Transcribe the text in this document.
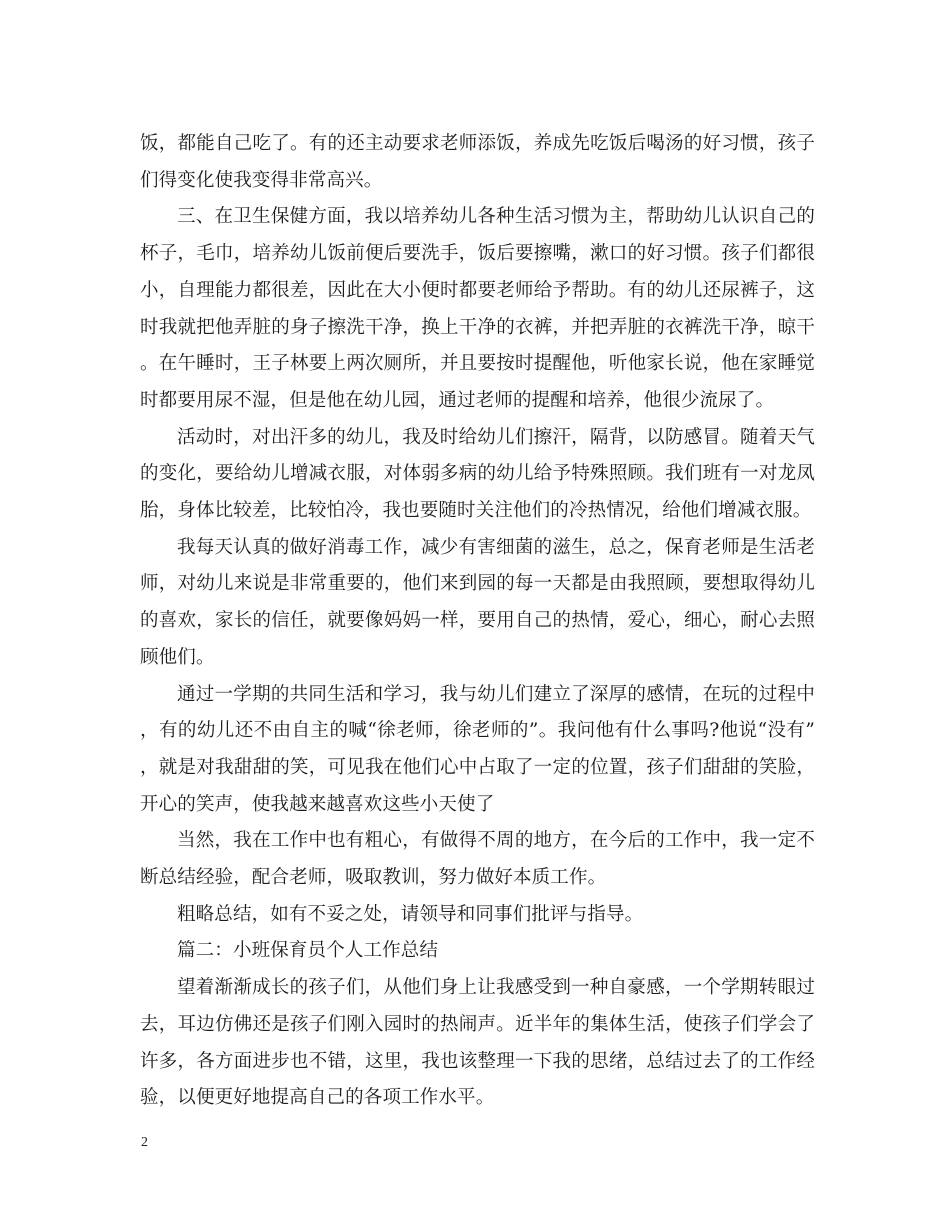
饭，都能自己吃了。有的还主动要求老师添饭，养成先吃饭后喝汤的好习惯，孩子们得变化使我变得非常高兴。

三、在卫生保健方面，我以培养幼儿各种生活习惯为主，帮助幼儿认识自己的杯子，毛巾，培养幼儿饭前便后要洗手，饭后要擦嘴，漱口的好习惯。孩子们都很小，自理能力都很差，因此在大小便时都要老师给予帮助。有的幼儿还尿裤子，这时我就把他弄脏的身子擦洗干净，换上干净的衣裤，并把弄脏的衣裤洗干净，晾干。在午睡时，王子林要上两次厕所，并且要按时提醒他，听他家长说，他在家睡觉时都要用尿不湿，但是他在幼儿园，通过老师的提醒和培养，他很少流尿了。

活动时，对出汗多的幼儿，我及时给幼儿们擦汗，隔背，以防感冒。随着天气的变化，要给幼儿增减衣服，对体弱多病的幼儿给予特殊照顾。我们班有一对龙凤胎，身体比较差，比较怕冷，我也要随时关注他们的冷热情况，给他们增减衣服。

我每天认真的做好消毒工作，减少有害细菌的滋生，总之，保育老师是生活老师，对幼儿来说是非常重要的，他们来到园的每一天都是由我照顾，要想取得幼儿的喜欢，家长的信任，就要像妈妈一样，要用自己的热情，爱心，细心，耐心去照顾他们。

通过一学期的共同生活和学习，我与幼儿们建立了深厚的感情，在玩的过程中，有的幼儿还不由自主的喊“徐老师，徐老师的”。我问他有什么事吗?他说“没有”，就是对我甜甜的笑，可见我在他们心中占取了一定的位置，孩子们甜甜的笑脸，开心的笑声，使我越来越喜欢这些小天使了

当然，我在工作中也有粗心，有做得不周的地方，在今后的工作中，我一定不断总结经验，配合老师，吸取教训，努力做好本质工作。

粗略总结，如有不妥之处，请领导和同事们批评与指导。

篇二：小班保育员个人工作总结

望着渐渐成长的孩子们，从他们身上让我感受到一种自豪感，一个学期转眼过去，耳边仿佛还是孩子们刚入园时的热闹声。近半年的集体生活，使孩子们学会了许多，各方面进步也不错，这里，我也该整理一下我的思绪，总结过去了的工作经验，以便更好地提高自己的各项工作水平。

2
